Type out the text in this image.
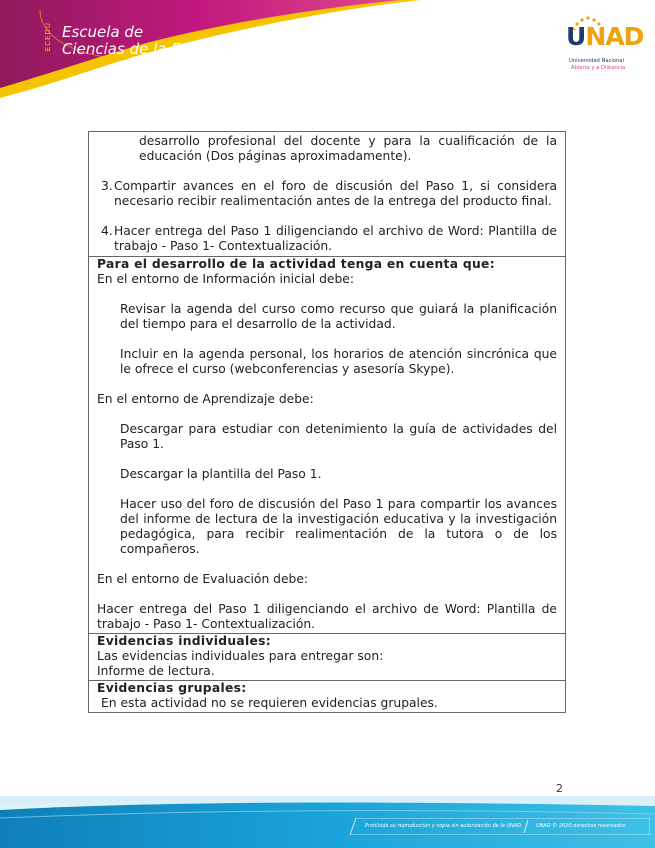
ECEDU Escuela de
Ciencias de la Educación	UNAD
Universidad Nacional
Abierta y a Distancia

desarrollo profesional del docente y para la cualificación de la educación (Dos páginas aproximadamente).

3. Compartir avances en el foro de discusión del Paso 1, si considera necesario recibir realimentación antes de la entrega del producto final.
4. Hacer entrega del Paso 1 diligenciando el archivo de Word: Plantilla de trabajo - Paso 1- Contextualización.

Para el desarrollo de la actividad tenga en cuenta que:

En el entorno de Información inicial debe:

Revisar la agenda del curso como recurso que guiará la planificación del tiempo para el desarrollo de la actividad.

Incluir en la agenda personal, los horarios de atención sincrónica que le ofrece el curso (webconferencias y asesoría Skype).

En el entorno de Aprendizaje debe:

Descargar para estudiar con detenimiento la guía de actividades del Paso 1.

Descargar la plantilla del Paso 1.

Hacer uso del foro de discusión del Paso 1 para compartir los avances del informe de lectura de la investigación educativa y la investigación pedagógica, para recibir realimentación de la tutora o de los compañeros.

En el entorno de Evaluación debe:

Hacer entrega del Paso 1 diligenciando el archivo de Word: Plantilla de trabajo - Paso 1- Contextualización.

Evidencias individuales:

Las evidencias individuales para entregar son:

Informe de lectura.

Evidencias grupales:

En esta actividad no se requieren evidencias grupales.

2
Prohibida su reproducción y copia sin autorización de la UNAD.	UNAD © 2020 derechos reservados
